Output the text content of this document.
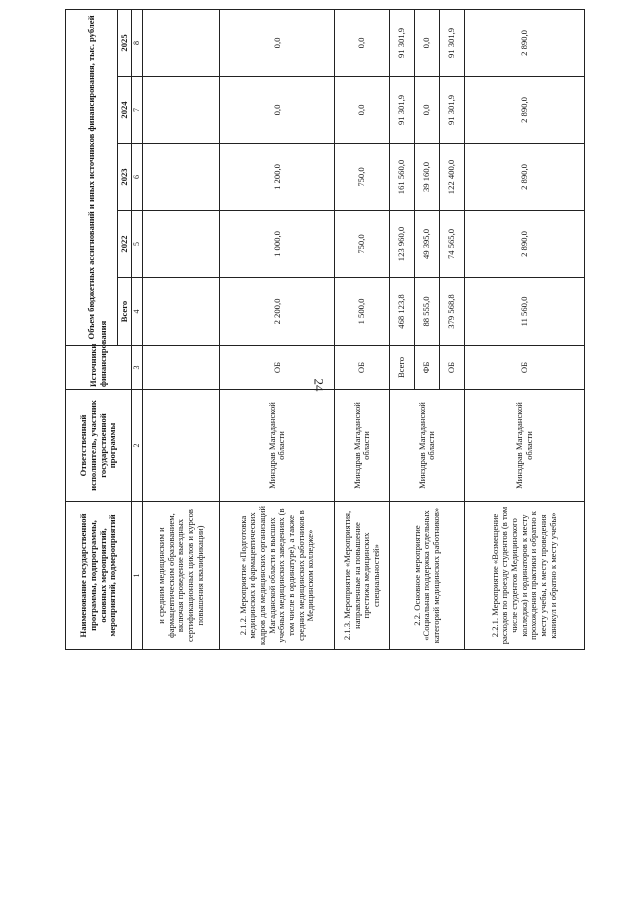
24
Наименование государственной программы, подпрограммы, основных мероприятий, мероприятий, подмероприятий	Ответственный исполнитель, участник государственной программы	Источники финансирования	Объем бюджетных ассигнований и иных источников финансирования, тыс. рублей				
			Всего	2022	2023	2024	2025
1	2	3	4	5	6	7	8
и средним медицинским и фармацевтическим образованием, включая проведение выездных сертификационных циклов и курсов повышения квалификации)							
2.1.2. Мероприятие «Подготовка медицинских и фармацевтических кадров для медицинских организаций Магаданской области в высших учебных медицинских заведениях (в том числе в ординатуре), а также средних медицинских работников в Медицинском колледже»	Минздрав Магаданской области	ОБ	2 200,0	1 000,0	1 200,0	0,0	0,0
2.1.3. Мероприятие «Мероприятия, направленные на повышение престижа медицинских специальностей»	Минздрав Магаданской области	ОБ	1 500,0	750,0	750,0	0,0	0,0
2.2. Основное мероприятие «Социальная поддержка отдельных категорий медицинских работников»	Минздрав Магаданской области	Всего	468 123,8	123 960,0	161 560,0	91 301,9	91 301,9
		ФБ	88 555,0	49 395,0	39 160,0	0,0	0,0
		ОБ	379 568,8	74 565,0	122 400,0	91 301,9	91 301,9
2.2.1. Мероприятие «Возмещение расходов по проезду студентов (в том числе студентов Медицинского колледжа) и ординаторов к месту прохождения практики и обратно к месту учебы, к месту проведения каникул и обратно к месту учебы»	Минздрав Магаданской области	ОБ	11 560,0	2 890,0	2 890,0	2 890,0	2 890,0
